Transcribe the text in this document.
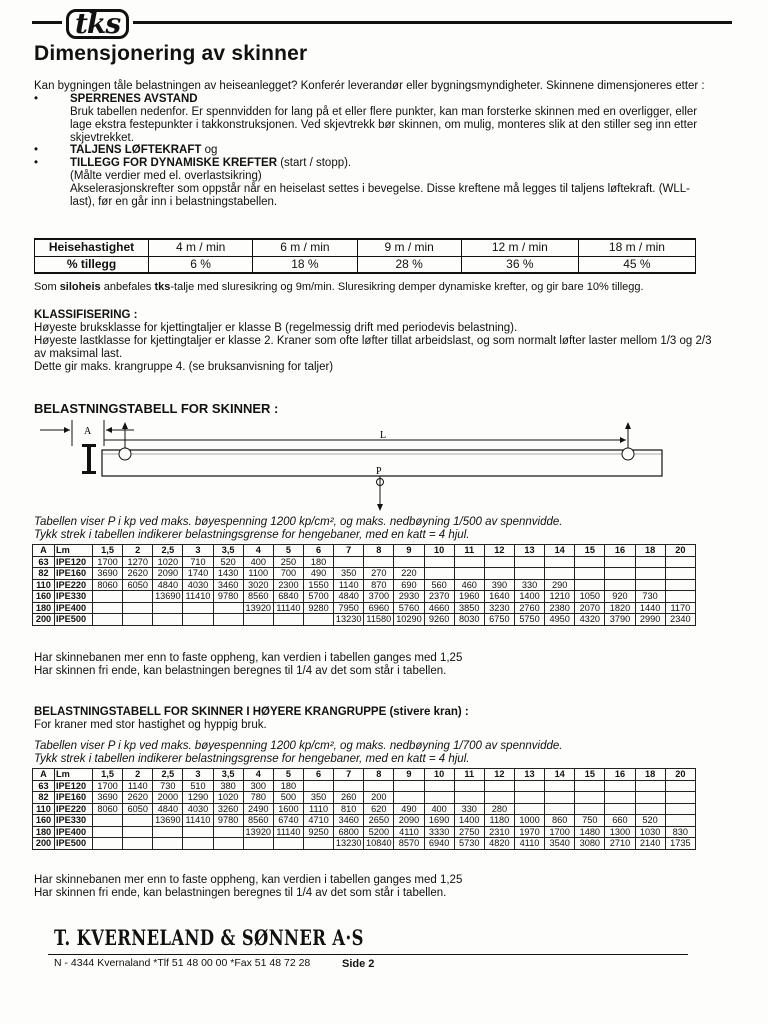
tks
Dimensjonering av skinner

Kan bygningen tåle belastningen av heiseanlegget? Konferér leverandør eller bygningsmyndigheter. Skinnene dimensjoneres etter :

• SPERRENES AVSTAND

Bruk tabellen nedenfor. Er spennvidden for lang på et eller flere punkter, kan man forsterke skinnen med en overligger, eller lage ekstra festepunkter i takkonstruksjonen. Ved skjevtrekk bør skinnen, om mulig, monteres slik at den stiller seg inn etter skjevtrekket.

• TALJENS LØFTEKRAFT og
• TILLEGG FOR DYNAMISKE KREFTER (start / stopp).

(Målte verdier med el. overlastsikring)

Akselerasjonskrefter som oppstår når en heiselast settes i bevegelse. Disse kreftene må legges til taljens løftekraft. (WLL-last), før en går inn i belastningstabellen.

Heisehastighet	4 m / min	6 m / min	9 m / min	12 m / min	18 m / min
% tillegg	6 %	18 %	28 %	36 %	45 %

Som siloheis anbefales tks-talje med sluresikring og 9m/min. Sluresikring demper dynamiske krefter, og gir bare 10% tillegg.

KLASSIFISERING :

Høyeste bruksklasse for kjettingtaljer er klasse B (regelmessig drift med periodevis belastning).

Høyeste lastklasse for kjettingtaljer er klasse 2. Kraner som ofte løfter tillat arbeidslast, og som normalt løfter laster mellom 1/3 og 2/3 av maksimal last.

Dette gir maks. krangruppe 4. (se bruksanvisning for taljer)

BELASTNINGSTABELL FOR SKINNER :

A	L
P

Tabellen viser P i kp ved maks. bøyespenning 1200 kp/cm², og maks. nedbøyning 1/500 av spennvidde.

Tykk strek i tabellen indikerer belastningsgrense for hengebaner, med en katt = 4 hjul.

A	Lm	1,5	2	2,5	3	3,5	4	5	6	7	8	9	10	11	12	13	14	15	16	18	20
63	IPE120	1700	1270	1020	710	520	400	250	180												
82	IPE160	3690	2620	2090	1740	1430	1100	700	490	350	270	220									
110	IPE220	8060	6050	4840	4030	3460	3020	2300	1550	1140	870	690	560	460	390	330	290				
160	IPE330			13690	11410	9780	8560	6840	5700	4840	3700	2930	2370	1960	1640	1400	1210	1050	920	730	
180	IPE400						13920	11140	9280	7950	6960	5760	4660	3850	3230	2760	2380	2070	1820	1440	1170
200	IPE500									13230	11580	10290	9260	8030	6750	5750	4950	4320	3790	2990	2340

Har skinnebanen mer enn to faste oppheng, kan verdien i tabellen ganges med 1,25

Har skinnen fri ende, kan belastningen beregnes til 1/4 av det som står i tabellen.

BELASTNINGSTABELL FOR SKINNER I HØYERE KRANGRUPPE (stivere kran) :

For kraner med stor hastighet og hyppig bruk.

Tabellen viser P i kp ved maks. bøyespenning 1200 kp/cm², og maks. nedbøyning 1/700 av spennvidde.

Tykk strek i tabellen indikerer belastningsgrense for hengebaner, med en katt = 4 hjul.

A	Lm	1,5	2	2,5	3	3,5	4	5	6	7	8	9	10	11	12	13	14	15	16	18	20
63	IPE120	1700	1140	730	510	380	300	180													
82	IPE160	3690	2620	2000	1290	1020	780	500	350	260	200										
110	IPE220	8060	6050	4840	4030	3260	2490	1600	1110	810	620	490	400	330	280						
160	IPE330			13690	11410	9780	8560	6740	4710	3460	2650	2090	1690	1400	1180	1000	860	750	660	520	
180	IPE400						13920	11140	9250	6800	5200	4110	3330	2750	2310	1970	1700	1480	1300	1030	830
200	IPE500									13230	10840	8570	6940	5730	4820	4110	3540	3080	2710	2140	1735

Har skinnebanen mer enn to faste oppheng, kan verdien i tabellen ganges med 1,25

Har skinnen fri ende, kan belastningen beregnes til 1/4 av det som står i tabellen.

T. KVERNELAND & SØNNER A·S
N - 4344 Kvernaland *Tlf 51 48 00 00 *Fax 51 48 72 28	Side 2
